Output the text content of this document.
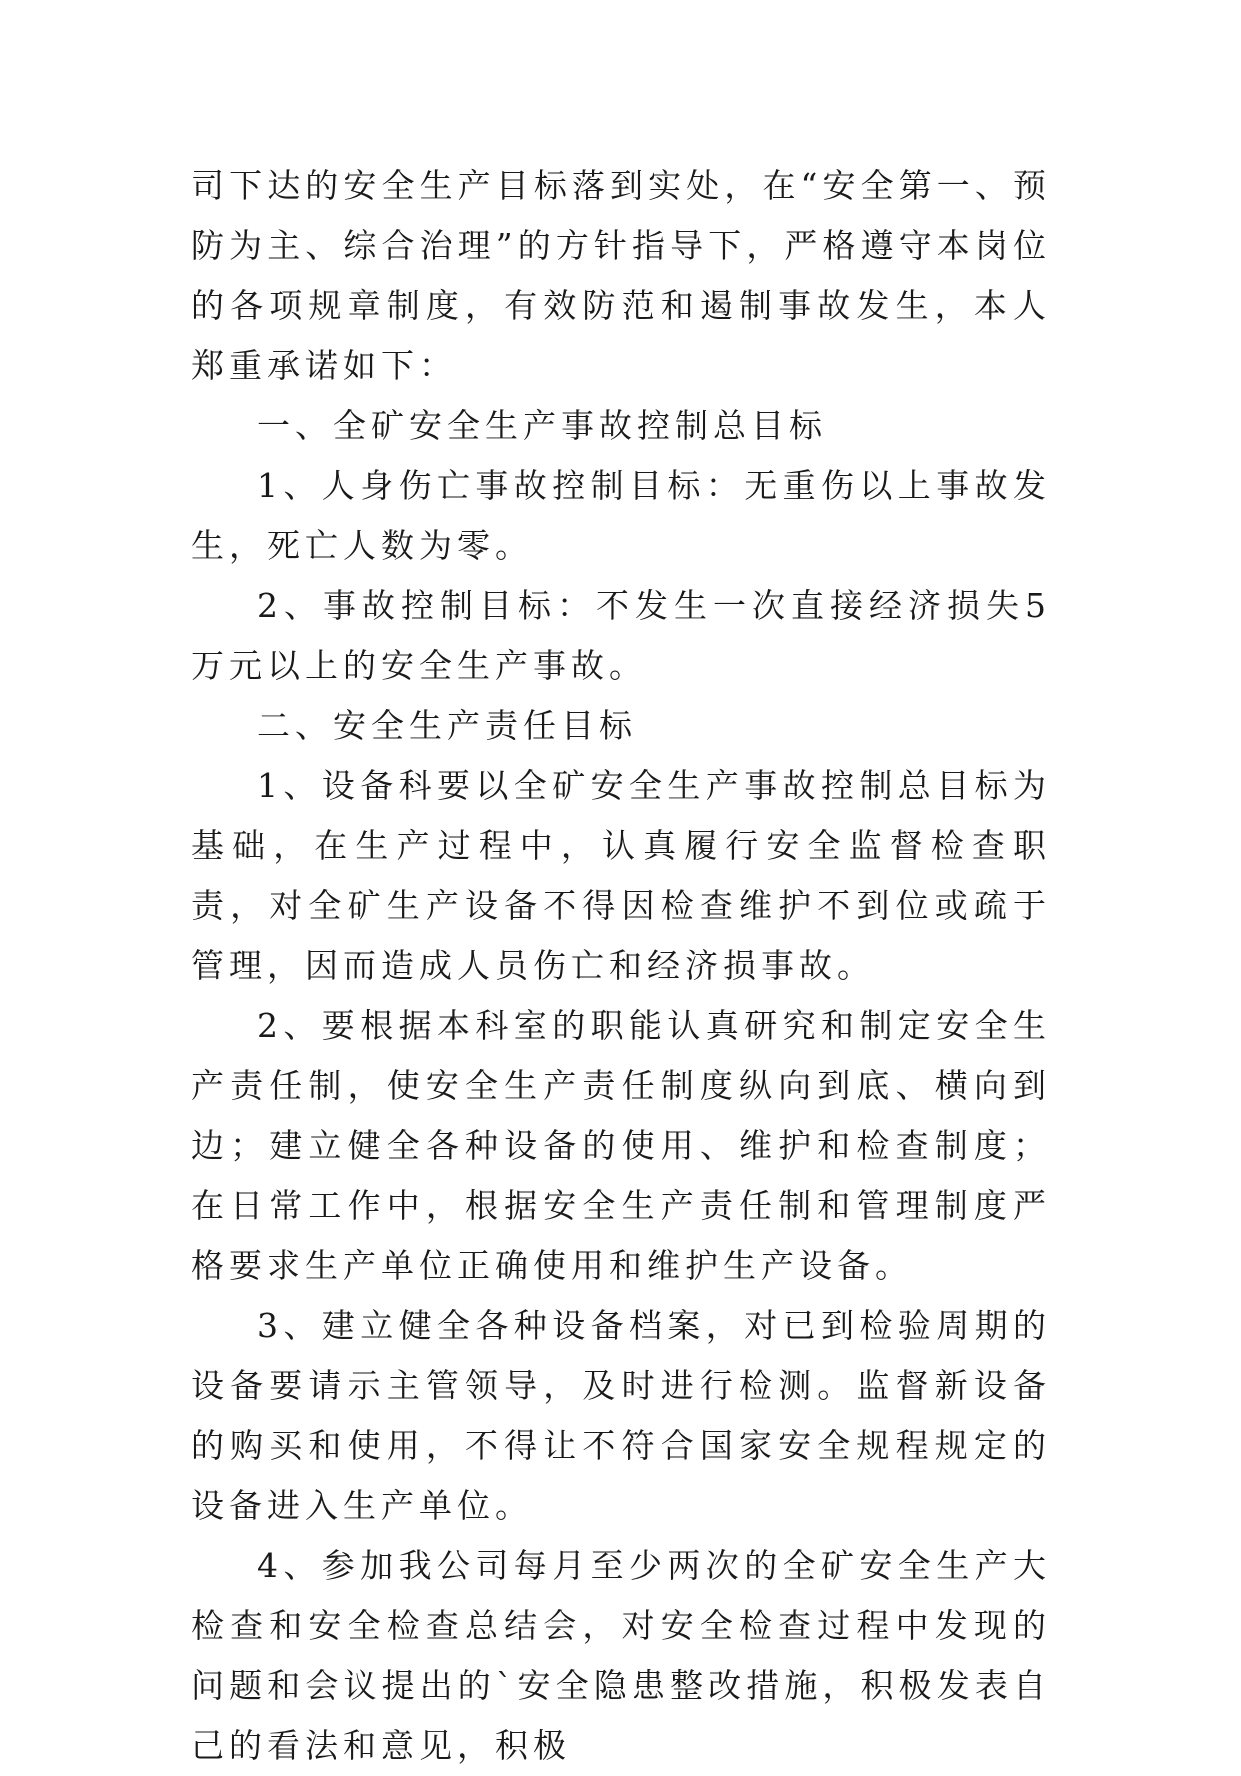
司下达的安全生产目标落到实处，在“安全第一、预防为主、综合治理”的方针指导下，严格遵守本岗位的各项规章制度，有效防范和遏制事故发生，本人郑重承诺如下：

一、全矿安全生产事故控制总目标

1、人身伤亡事故控制目标：无重伤以上事故发生，死亡人数为零。

2、事故控制目标：不发生一次直接经济损失5万元以上的安全生产事故。

二、安全生产责任目标

1、设备科要以全矿安全生产事故控制总目标为基础，在生产过程中，认真履行安全监督检查职责，对全矿生产设备不得因检查维护不到位或疏于管理，因而造成人员伤亡和经济损事故。

2、要根据本科室的职能认真研究和制定安全生产责任制，使安全生产责任制度纵向到底、横向到边；建立健全各种设备的使用、维护和检查制度；在日常工作中，根据安全生产责任制和管理制度严格要求生产单位正确使用和维护生产设备。

3、建立健全各种设备档案，对已到检验周期的设备要请示主管领导，及时进行检测。监督新设备的购买和使用，不得让不符合国家安全规程规定的设备进入生产单位。

4、参加我公司每月至少两次的全矿安全生产大检查和安全检查总结会，对安全检查过程中发现的问题和会议提出的`安全隐患整改措施，积极发表自己的看法和意见，积极
